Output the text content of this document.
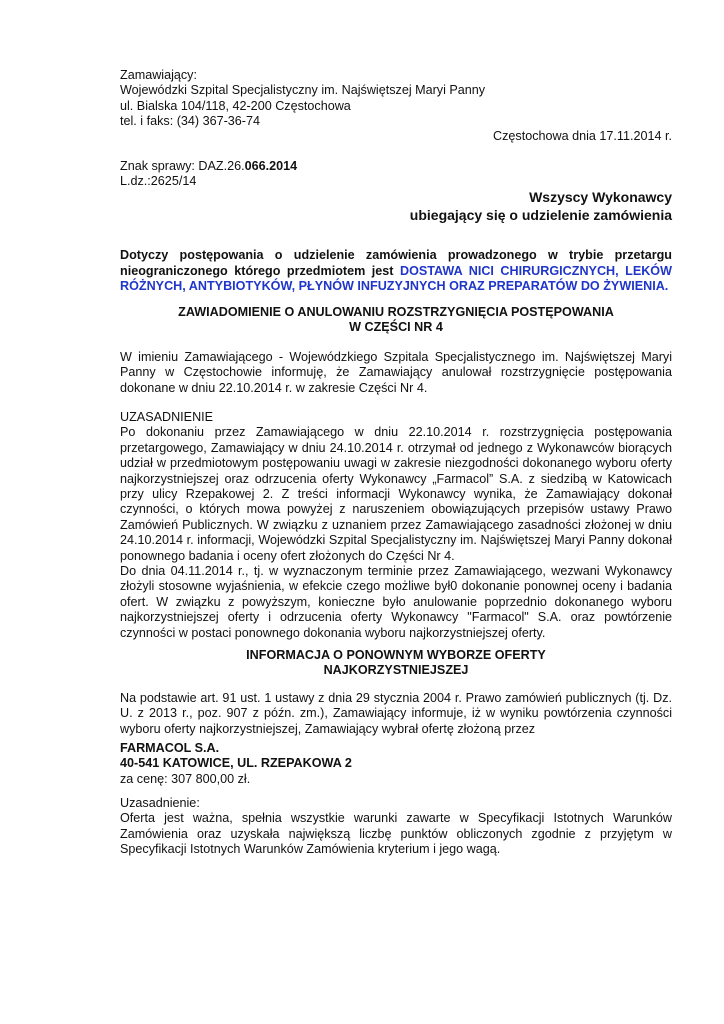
Zamawiający:
Wojewódzki Szpital Specjalistyczny im. Najświętszej Maryi Panny
ul. Bialska 104/118, 42-200 Częstochowa
tel. i faks: (34) 367-36-74
Częstochowa dnia 17.11.2014 r.
Znak sprawy: DAZ.26.066.2014
L.dz.:2625/14
Wszyscy Wykonawcy
ubiegający się o udzielenie zamówienia
Dotyczy postępowania o udzielenie zamówienia prowadzonego w trybie przetargu nieograniczonego którego przedmiotem jest DOSTAWA NICI CHIRURGICZNYCH, LEKÓW RÓŻNYCH, ANTYBIOTYKÓW, PŁYNÓW INFUZYJNYCH ORAZ PREPARATÓW DO ŻYWIENIA.
ZAWIADOMIENIE O ANULOWANIU ROZSTRZYGNIĘCIA POSTĘPOWANIA
W CZĘŚCI NR 4
W imieniu Zamawiającego - Wojewódzkiego Szpitala Specjalistycznego im. Najświętszej Maryi Panny w Częstochowie informuję, że Zamawiający anulował rozstrzygnięcie postępowania dokonane w dniu 22.10.2014 r. w zakresie Części Nr 4.
UZASADNIENIE
Po dokonaniu przez Zamawiającego w dniu 22.10.2014 r. rozstrzygnięcia postępowania przetargowego, Zamawiający w dniu 24.10.2014 r. otrzymał od jednego z Wykonawców biorących udział w przedmiotowym postępowaniu uwagi w zakresie niezgodności dokonanego wyboru oferty najkorzystniejszej oraz odrzucenia oferty Wykonawcy „Farmacol” S.A. z siedzibą w Katowicach przy ulicy Rzepakowej 2. Z treści informacji Wykonawcy wynika, że Zamawiający dokonał czynności, o których mowa powyżej z naruszeniem obowiązujących przepisów ustawy Prawo Zamówień Publicznych. W związku z uznaniem przez Zamawiającego zasadności złożonej w dniu 24.10.2014 r. informacji, Wojewódzki Szpital Specjalistyczny im. Najświętszej Maryi Panny dokonał ponownego badania i oceny ofert złożonych do Części Nr 4.
Do dnia 04.11.2014 r., tj. w wyznaczonym terminie przez Zamawiającego, wezwani Wykonawcy złożyli stosowne wyjaśnienia, w efekcie czego możliwe był0 dokonanie ponownej oceny i badania ofert. W związku z powyższym, konieczne było anulowanie poprzednio dokonanego wyboru najkorzystniejszej oferty i odrzucenia oferty Wykonawcy "Farmacol" S.A. oraz powtórzenie czynności w postaci ponownego dokonania wyboru najkorzystniejszej oferty.
INFORMACJA O PONOWNYM WYBORZE OFERTY
NAJKORZYSTNIEJSZEJ
Na podstawie art. 91 ust. 1 ustawy z dnia 29 stycznia 2004 r. Prawo zamówień publicznych (tj. Dz. U. z 2013 r., poz. 907 z późn. zm.), Zamawiający informuje, iż w wyniku powtórzenia czynności wyboru oferty najkorzystniejszej, Zamawiający wybrał ofertę złożoną przez
FARMACOL S.A.
40-541 KATOWICE, UL. RZEPAKOWA 2
za cenę: 307 800,00 zł.
Uzasadnienie:
Oferta jest ważna, spełnia wszystkie warunki zawarte w Specyfikacji Istotnych Warunków Zamówienia oraz uzyskała największą liczbę punktów obliczonych zgodnie z przyjętym w Specyfikacji Istotnych Warunków Zamówienia kryterium i jego wagą.
